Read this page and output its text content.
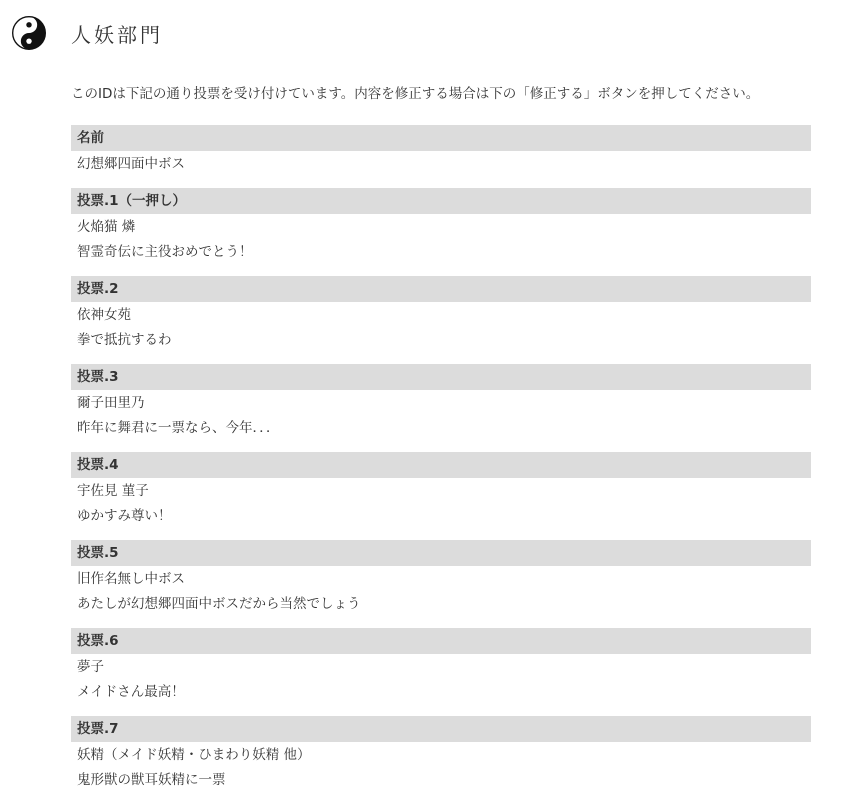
人妖部門

このIDは下記の通り投票を受け付けています。内容を修正する場合は下の「修正する」ボタンを押してください。

名前
幻想郷四面中ボス
投票.1（一押し）
火焔猫 燐
智霊奇伝に主役おめでとう！
投票.2
依神女苑
拳で抵抗するわ
投票.3
爾子田里乃
昨年に舞君に一票なら、今年．．．
投票.4
宇佐見 菫子
ゆかすみ尊い！
投票.5
旧作名無し中ボス
あたしが幻想郷四面中ボスだから当然でしょう
投票.6
夢子
メイドさん最高！
投票.7
妖精（メイド妖精・ひまわり妖精 他）
鬼形獣の獣耳妖精に一票
